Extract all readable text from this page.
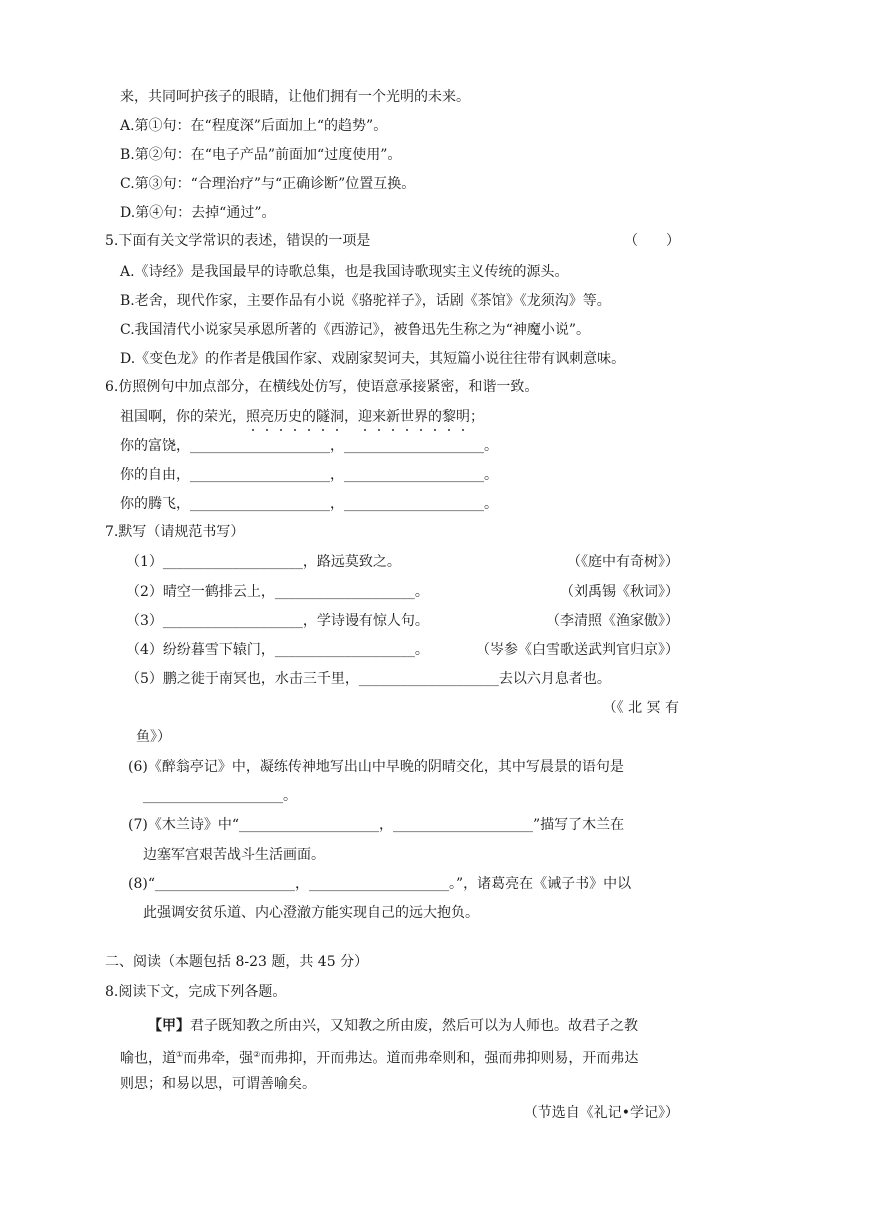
来，共同呵护孩子的眼睛，让他们拥有一个光明的未来。
A.第①句：在“程度深”后面加上“的趋势”。
B.第②句：在“电子产品”前面加“过度使用”。
C.第③句：“合理治疗”与“正确诊断”位置互换。
D.第④句：去掉“通过”。
5.下面有关文学常识的表述，错误的一项是	（　　）
A.《诗经》是我国最早的诗歌总集，也是我国诗歌现实主义传统的源头。
B.老舍，现代作家，主要作品有小说《骆驼祥子》，话剧《茶馆》《龙须沟》等。
C.我国清代小说家吴承恩所著的《西游记》，被鲁迅先生称之为“神魔小说”。
D.《变色龙》的作者是俄国作家、戏剧家契诃夫，其短篇小说往往带有讽刺意味。
6.仿照例句中加点部分，在横线处仿写，使语意承接紧密，和谐一致。
祖国啊，你的荣光，照亮历史的隧洞，迎来新世界的黎明；
你的富饶，____________________，____________________。
你的自由，____________________，____________________。
你的腾飞，____________________，____________________。
7.默写（请规范书写）
（1）____________________，路远莫致之。	（《庭中有奇树》）
（2）晴空一鹤排云上，____________________。	（刘禹锡《秋词》）
（3）____________________，学诗谩有惊人句。	（李清照《渔家傲》）
（4）纷纷暮雪下辕门，____________________。	（岑参《白雪歌送武判官归京》）
（5）鹏之徙于南冥也，水击三千里，____________________去以六月息者也。
（《 北 冥 有
鱼》）
(6)《醉翁亭记》中，凝练传神地写出山中早晚的阴晴交化，其中写晨景的语句是
____________________。
(7)《木兰诗》中“____________________，____________________”描写了木兰在
边塞军宫艰苦战斗生活画面。
(8)“____________________，____________________。”，诸葛亮在《诫子书》中以
此强调安贫乐道、内心澄澈方能实现自己的远大抱负。
二、阅读（本题包括 8-23 题，共 45 分）
8.阅读下文，完成下列各题。
【甲】君子既知教之所由兴，又知教之所由废，然后可以为人师也。故君子之教
喻也，道①而弗牵，强②而弗抑，开而弗达。道而弗牵则和，强而弗抑则易，开而弗达
则思；和易以思，可谓善喻矣。
（节选自《礼记•学记》）
